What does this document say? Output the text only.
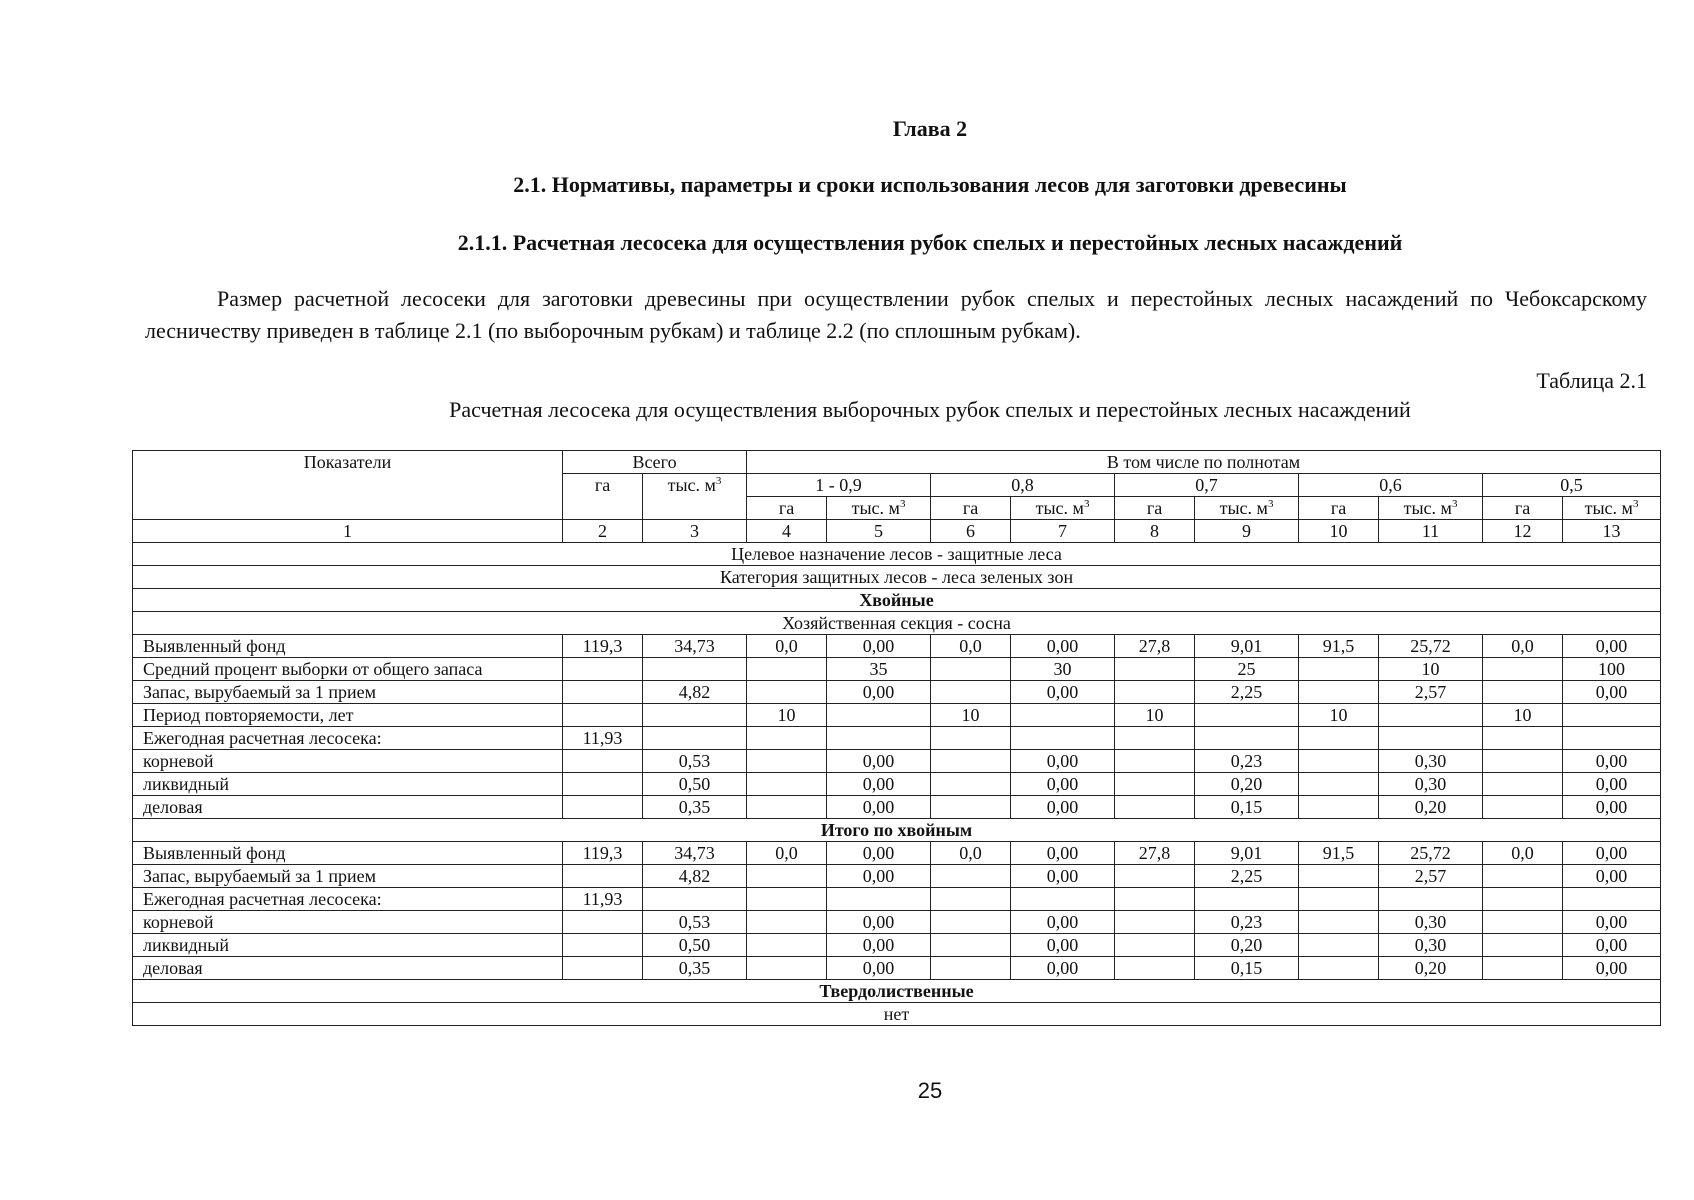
Глава 2
2.1. Нормативы, параметры и сроки использования лесов для заготовки древесины
2.1.1. Расчетная лесосека для осуществления рубок спелых и перестойных лесных насаждений
Размер расчетной лесосеки для заготовки древесины при осуществлении рубок спелых и перестойных лесных насаждений по Чебоксарскому лесничеству приведен в таблице 2.1 (по выборочным рубкам) и таблице 2.2 (по сплошным рубкам).
Таблица 2.1
Расчетная лесосека для осуществления выборочных рубок спелых и перестойных лесных насаждений
Показатели	Всего		В том числе по полнотам									
	га	тыс. $м^3$	1 - 0,9		0,8		0,7		0,6		0,5	
			га	тыс. $м^3$	га	тыс. $м^3$	га	тыс. $м^3$	га	тыс. $м^3$	га	тыс. $м^3$
1	2	3	4	5	6	7	8	9	10	11	12	13
Целевое назначение лесов - защитные леса												
Категория защитных лесов - леса зеленых зон												
Хвойные												
Хозяйственная секция - сосна												
Выявленный фонд	119,3	34,73	0,0	0,00	0,0	0,00	27,8	9,01	91,5	25,72	0,0	0,00
Средний процент выборки от общего запаса				35		30		25		10		100
Запас, вырубаемый за 1 прием		4,82		0,00		0,00		2,25		2,57		0,00
Период повторяемости, лет			10		10		10		10		10	
Ежегодная расчетная лесосека:	11,93											
корневой		0,53		0,00		0,00		0,23		0,30		0,00
ликвидный		0,50		0,00		0,00		0,20		0,30		0,00
деловая		0,35		0,00		0,00		0,15		0,20		0,00
Итого по хвойным												
Выявленный фонд	119,3	34,73	0,0	0,00	0,0	0,00	27,8	9,01	91,5	25,72	0,0	0,00
Запас, вырубаемый за 1 прием		4,82		0,00		0,00		2,25		2,57		0,00
Ежегодная расчетная лесосека:	11,93											
корневой		0,53		0,00		0,00		0,23		0,30		0,00
ликвидный		0,50		0,00		0,00		0,20		0,30		0,00
деловая		0,35		0,00		0,00		0,15		0,20		0,00
Твердолиственные												
нет												
25
